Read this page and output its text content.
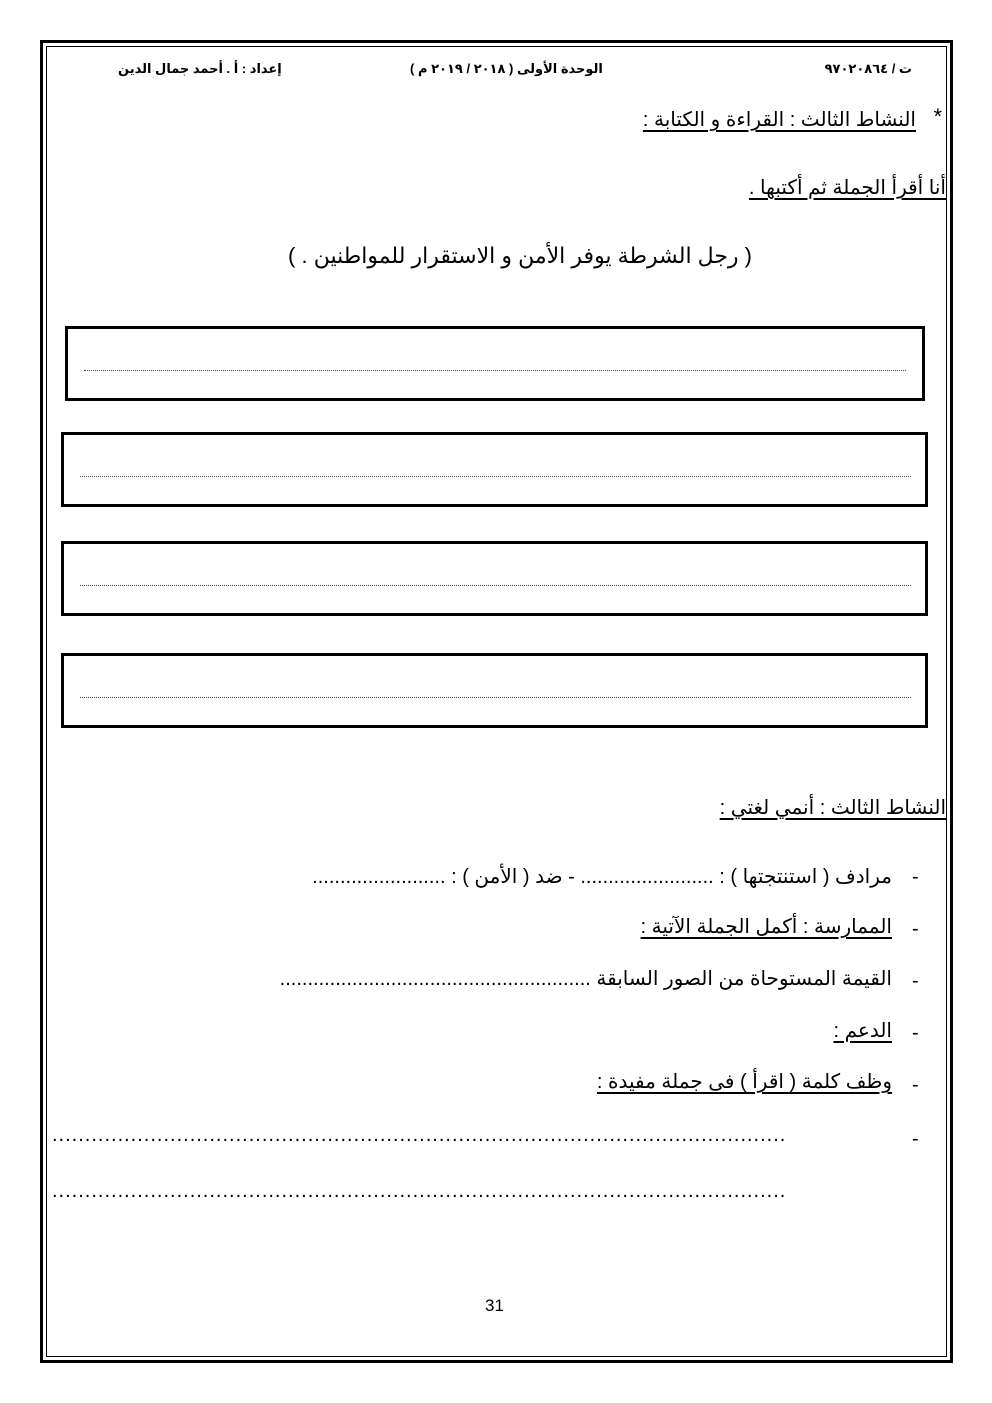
ت / ٩٧٠٢٠٨٦٤
الوحدة الأولى ( ٢٠١٨ / ٢٠١٩ م )
إعداد : أ . أحمد جمال الدين
*
النشاط الثالث : القراءة و الكتابة :
أنا أقرأ الجملة ثم أكتبها .
( رجل الشرطة يوفر الأمن و الاستقرار للمواطنين . )
النشاط الثالث : أنمي لغتي :
-
مرادف ( استنتجتها ) : ........................ - ضد ( الأمن ) : ........................
-
الممارسة : أكمل الجملة الآتية :
-
القيمة المستوحاة من الصور السابقة ........................................................
-
الدعم :
-
وظف كلمة ( اقرأ ) فى جملة مفيدة :
-
................................................................................................................
................................................................................................................
31
